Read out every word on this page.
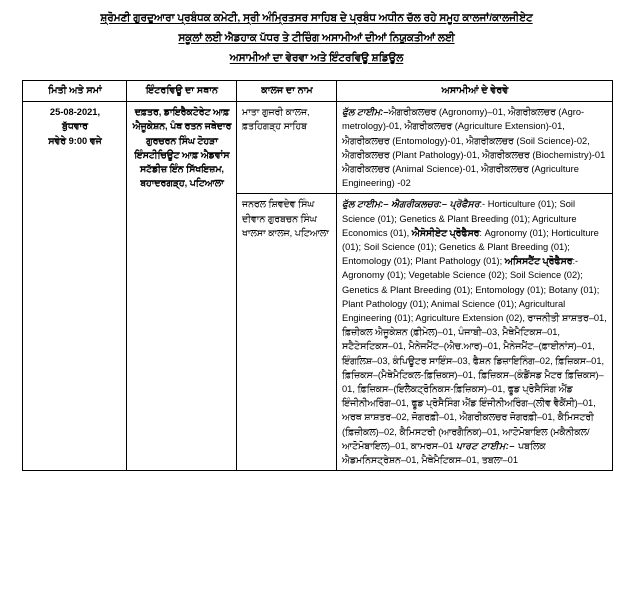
ਸ਼੍ਰੋਮਣੀ ਗੁਰਦੁਆਰਾ ਪ੍ਰਬੰਧਕ ਕਮੇਟੀ, ਸ੍ਰੀ ਅੰਮ੍ਰਿਤਸਰ ਸਾਹਿਬ ਦੇ ਪ੍ਰਬੰਧ ਅਧੀਨ ਚੱਲ ਰਹੇ ਸਮੂਹ ਕਾਲਜਾਂ/ਕਾਲਜੀਏਟ
ਸਕੂਲਾਂ ਲਈ ਐਡਹਾਕ ਪੱਧਰ ਤੇ ਟੀਚਿੰਗ ਅਸਾਮੀਆਂ ਦੀਆਂ ਨਿਯੁਕਤੀਆਂ ਲਈ
ਅਸਾਮੀਆਂ ਦਾ ਵੇਰਵਾ ਅਤੇ ਇੰਟਰਵਿਊ ਸ਼ਡਿਊਲ
ਮਿਤੀ ਅਤੇ ਸਮਾਂ	ਇੰਟਰਵਿਊ ਦਾ ਸਥਾਨ	ਕਾਲਜ ਦਾ ਨਾਮ	ਅਸਾਮੀਆਂ ਦੇ ਵੇਰਵੇ
25-08-2021,
ਬੁੱਧਵਾਰ
ਸਵੇਰੇ 9:00 ਵਜੇ	ਦਫ਼ਤਰ, ਡਾਇਰੈਕਟੋਰੇਟ ਆਫ਼ ਐਜੂਕੇਸ਼ਨ, ਪੰਥ ਰਤਨ ਜਥੇਦਾਰ ਗੁਰਚਰਨ ਸਿੰਘ ਟੋਹੜਾ ਇੰਸਟੀਚਿਊਟ ਆਫ਼ ਐਡਵਾਂਸ ਸਟੱਡੀਜ਼ ਇੰਨ ਸਿੱਖਇਜ਼ਮ, ਬਹਾਦਰਗੜ੍ਹ, ਪਟਿਆਲਾ	ਮਾਤਾ ਗੁਜਰੀ ਕਾਲਜ, ਫ਼ਤਹਿਗੜ੍ਹ ਸਾਹਿਬ	ਫੁੱਲ ਟਾਈਮ:–ਐਗਰੀਕਲਚਰ (Agronomy)–01, ਐਗਰੀਕਲਚਰ (Agro-metrology)-01, ਐਗਰੀਕਲਚਰ (Agriculture Extension)-01, ਐਗਰੀਕਲਚਰ (Entomology)-01, ਐਗਰੀਕਲਚਰ (Soil Science)-02, ਐਗਰੀਕਲਚਰ (Plant Pathology)-01, ਐਗਰੀਕਲਚਰ (Biochemistry)-01 ਐਗਰੀਕਲਚਰ (Animal Science)-01, ਐਗਰੀਕਲਚਰ (Agriculture Engineering) -02
		ਜਨਰਲ ਸ਼ਿਵਦੇਵ ਸਿੰਘ ਦੀਵਾਨ ਗੁਰਬਚਨ ਸਿੰਘ ਖਾਲਸਾ ਕਾਲਜ, ਪਟਿਆਲਾ	ਫੁੱਲ ਟਾਈਮ:– ਐਗਰੀਕਲਚਰ:– ਪ੍ਰੋਫੈਸਰ:- Horticulture (01); Soil Science (01); Genetics & Plant Breeding (01); Agriculture Economics (01), ਐਸੋਸੀਏਟ ਪ੍ਰੋਫੈਸਰ: Agronomy (01); Horticulture (01); Soil Science (01); Genetics & Plant Breeding (01); Entomology (01); Plant Pathology (01); ਅਸਿਸਟੈਂਟ ਪ੍ਰੋਫੈਸਰ:- Agronomy (01); Vegetable Science (02); Soil Science (02); Genetics & Plant Breeding (01); Entomology (01); Botany (01); Plant Pathology (01); Animal Science (01); Agricultural Engineering (01); Agriculture Extension (02), ਰਾਜਨੀਤੀ ਸ਼ਾਸ਼ਤਰ–01, ਫ਼ਿਜ਼ੀਕਲ ਐਜੂਕੇਸ਼ਨ (ਫ਼ੀਮੇਲ)–01, ਪੰਜਾਬੀ–03, ਮੈਥੇਮੈਟਿਕਸ–01, ਸਟੈਟੇਸਟਿਕਸ–01, ਮੈਨੇਜਮੈਂਟ–(ਐਚ.ਆਰ)–01, ਮੈਨੇਜਮੈਂਟ–(ਫ਼ਾਈਨਾਂਸ)–01, ਇੰਗਲਿਸ਼–03, ਕੰਪਿਊਟਰ ਸਾਇੰਸ–03, ਫੈਸ਼ਨ ਡਿਜ਼ਾਇਨਿੰਗ–02, ਫ਼ਿਜ਼ਿਕਸ–01, ਫ਼ਿਜ਼ਿਕਸ–(ਮੈਥੇਮੈਟਿਕਲ-ਫ਼ਿਜ਼ਿਕਸ)–01, ਫ਼ਿਜ਼ਿਕਸ–(ਕੰਡੈਂਸਡ ਮੈਟਰ ਫ਼ਿਜ਼ਿਕਸ)–01, ਫ਼ਿਜ਼ਿਕਸ–(ਇਲੈਕਟ੍ਰੋਨਿਕਸ-ਫ਼ਿਜ਼ਿਕਸ)–01, ਫੂਡ ਪ੍ਰੋਸੈਸਿੰਗ ਐਂਡ ਇੰਜੀਨੀਅਰਿੰਗ–01, ਫੂਡ ਪ੍ਰੋਸੈਸਿੰਗ ਐਂਡ ਇੰਜੀਨੀਅਰਿੰਗ–(ਲੀਵ ਵੈਕੈਂਸੀ)–01, ਅਰਥ ਸ਼ਾਸ਼ਤਰ–02, ਜੋਗਰਫ਼ੀ–01, ਐਗਰੀਕਲਚਰ ਜੋਗਰਫ਼ੀ–01, ਕੈਮਿਸਟਰੀ (ਫ਼ਿਜ਼ੀਕਲ)–02, ਕੈਮਿਸਟਰੀ (ਆਰਗੈਨਿਕ)–01, ਆਟੋਮੋਬਾਇਲ (ਮਕੈਨੀਕਲ/ਆਟੋਮੋਬਾਇਲ)–01, ਕਾਮਰਸ–01 ਪਾਰਟ ਟਾਈਮ:– ਪਬਲਿਕ ਐਡਮਨਿਸਟ੍ਰੇਸ਼ਨ–01, ਮੈਥੇਮੈਟਿਕਸ–01, ਤਬਲਾ–01
